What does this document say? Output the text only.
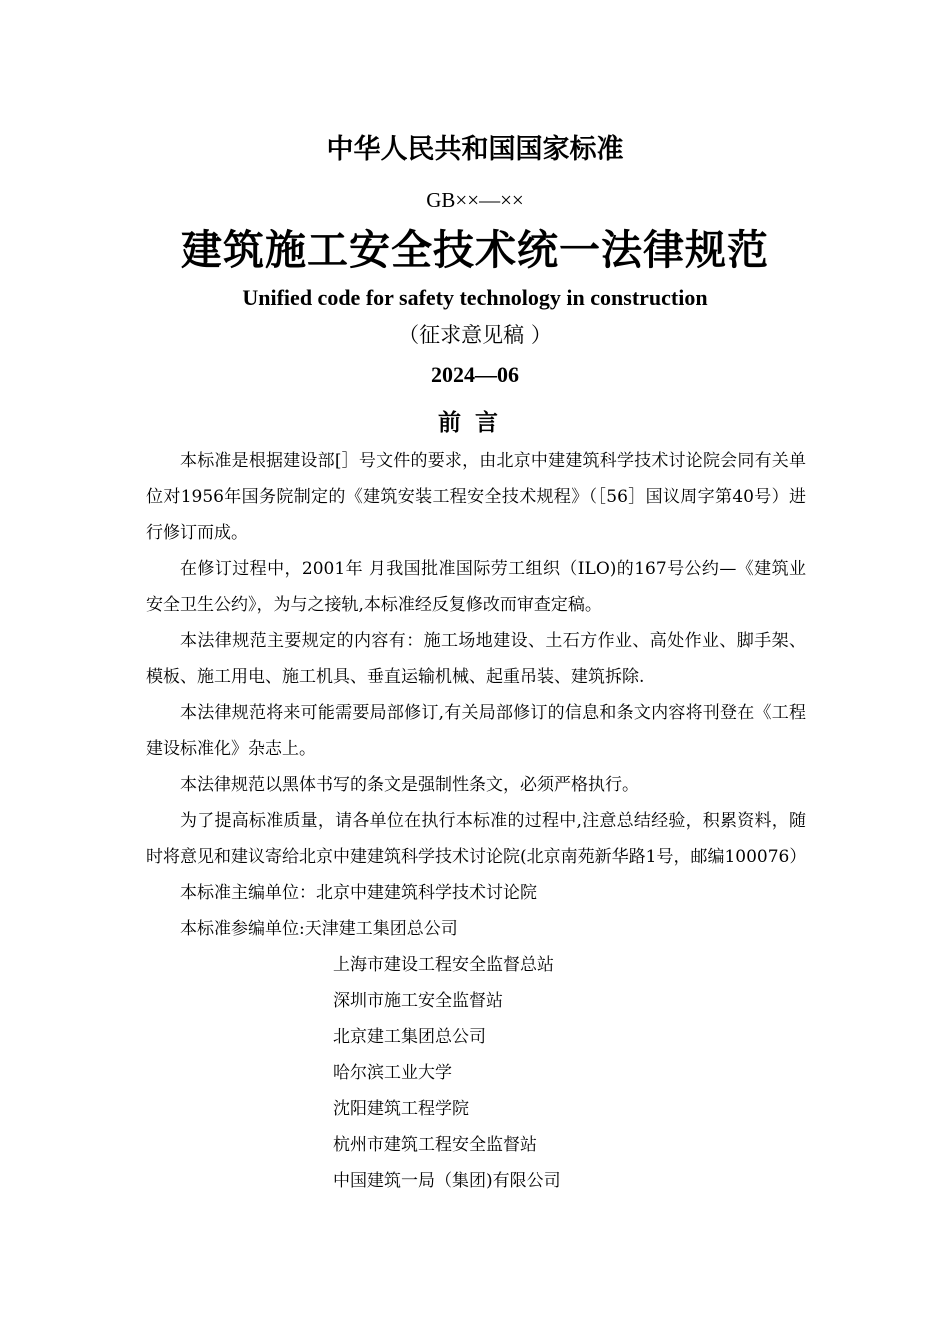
中华人民共和国国家标准
GB××—××
建筑施工安全技术统一法律规范
Unified code for safety technology in construction
（征求意见稿 ）
2024—06
前言

本标准是根据建设部[］号文件的要求，由北京中建建筑科学技术讨论院会同有关单位对1956年国务院制定的《建筑安装工程安全技术规程》（［56］国议周字第40号）进行修订而成。

在修订过程中，2001年 月我国批准国际劳工组织（ILO)的167号公约—《建筑业安全卫生公约》，为与之接轨,本标准经反复修改而审查定稿。

本法律规范主要规定的内容有：施工场地建设、土石方作业、高处作业、脚手架、模板、施工用电、施工机具、垂直运输机械、起重吊装、建筑拆除.

本法律规范将来可能需要局部修订,有关局部修订的信息和条文内容将刊登在《工程建设标准化》杂志上。

本法律规范以黑体书写的条文是强制性条文，必须严格执行。

为了提高标准质量，请各单位在执行本标准的过程中,注意总结经验，积累资料，随时将意见和建议寄给北京中建建筑科学技术讨论院(北京南苑新华路1号，邮编100076）

本标准主编单位：北京中建建筑科学技术讨论院

本标准参编单位:天津建工集团总公司

上海市建设工程安全监督总站

深圳市施工安全监督站

北京建工集团总公司

哈尔滨工业大学

沈阳建筑工程学院

杭州市建筑工程安全监督站

中国建筑一局（集团)有限公司
